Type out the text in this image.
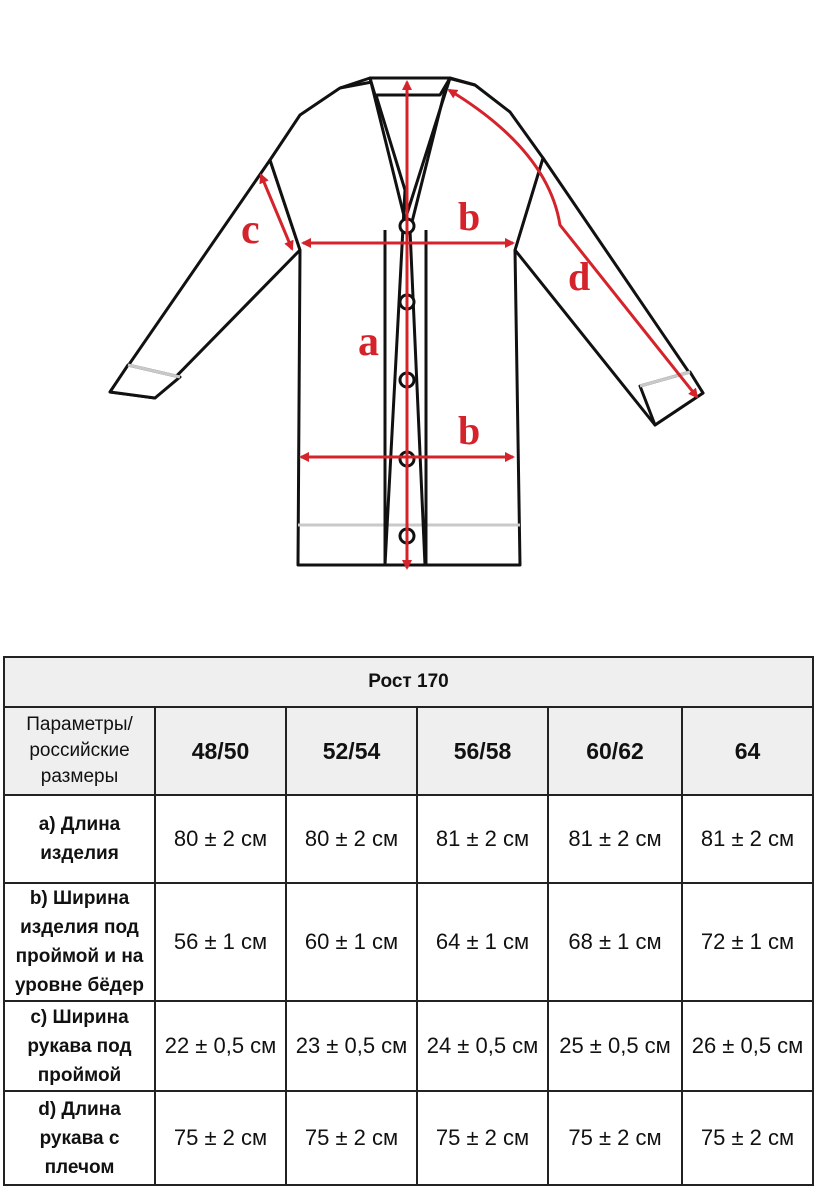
a
b
b
c
d
Рост 170					

Параметры/
российские
размеры	48/50	52/54	56/58	60/62	64

a) Длина
изделия	80 ± 2 см	80 ± 2 см	81 ± 2 см	81 ± 2 см	81 ± 2 см

b) Ширина
изделия под
проймой и на
уровне бёдер	56 ± 1 см	60 ± 1 см	64 ± 1 см	68 ± 1 см	72 ± 1 см

c) Ширина
рукава под
проймой	22 ± 0,5 см	23 ± 0,5 см	24 ± 0,5 см	25 ± 0,5 см	26 ± 0,5 см

d) Длина
рукава с
плечом	75 ± 2 см	75 ± 2 см	75 ± 2 см	75 ± 2 см	75 ± 2 см
